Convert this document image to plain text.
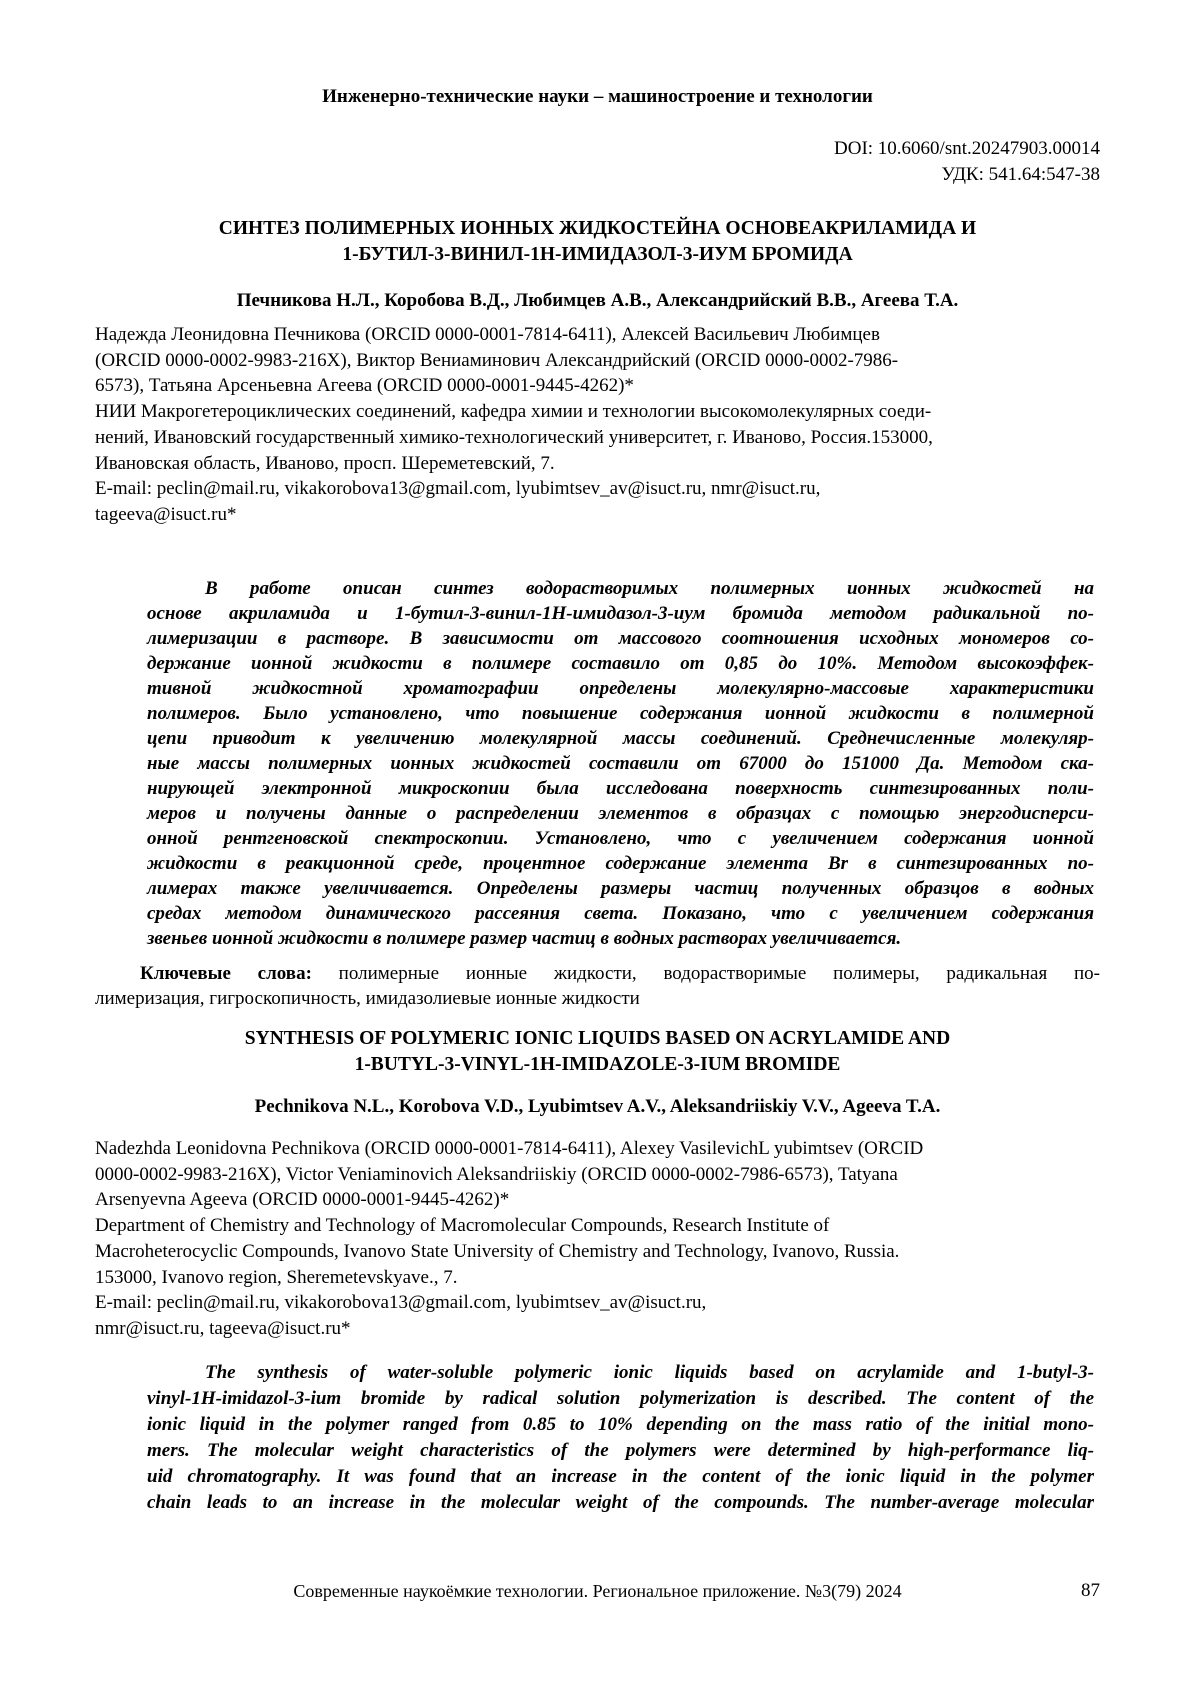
Инженерно-технические науки – машиностроение и технологии
DOI: 10.6060/snt.20247903.00014
УДК: 541.64:547-38
СИНТЕЗ ПОЛИМЕРНЫХ ИОННЫХ ЖИДКОСТЕЙНА ОСНОВЕАКРИЛАМИДА И
1-БУТИЛ-3-ВИНИЛ-1Н-ИМИДАЗОЛ-3-ИУМ БРОМИДА
Печникова Н.Л., Коробова В.Д., Любимцев А.В., Александрийский В.В., Агеева Т.А.
Надежда Леонидовна Печникова (ORCID 0000-0001-7814-6411), Алексей Васильевич Любимцев
(ORCID 0000-0002-9983-216X), Виктор Вениаминович Александрийский (ORCID 0000-0002-7986-
6573), Татьяна Арсеньевна Агеева (ORCID 0000-0001-9445-4262)*
НИИ Макрогетероциклических соединений, кафедра химии и технологии высокомолекулярных соеди-
нений, Ивановский государственный химико-технологический университет, г. Иваново, Россия.153000,
Ивановская область, Иваново, просп. Шереметевский, 7.
E-mail: peclin@mail.ru, vikakorobova13@gmail.com, lyubimtsev_av@isuct.ru, nmr@isuct.ru,
tageeva@isuct.ru*
В работе описан синтез водорастворимых полимерных ионных жидкостей на
основе акриламида и 1-бутил-3-винил-1Н-имидазол-3-иум бромида методом радикальной по-
лимеризации в растворе. В зависимости от массового соотношения исходных мономеров со-
держание ионной жидкости в полимере составило от 0,85 до 10%. Методом высокоэффек-
тивной жидкостной хроматографии определены молекулярно-массовые характеристики
полимеров. Было установлено, что повышение содержания ионной жидкости в полимерной
цепи приводит к увеличению молекулярной массы соединений. Среднечисленные молекуляр-
ные массы полимерных ионных жидкостей составили от 67000 до 151000 Да. Методом ска-
нирующей электронной микроскопии была исследована поверхность синтезированных поли-
меров и получены данные о распределении элементов в образцах с помощью энергодисперси-
онной рентгеновской спектроскопии. Установлено, что с увеличением содержания ионной
жидкости в реакционной среде, процентное содержание элемента Br в синтезированных по-
лимерах также увеличивается. Определены размеры частиц полученных образцов в водных
средах методом динамического рассеяния света. Показано, что с увеличением содержания
звеньев ионной жидкости в полимере размер частиц в водных растворах увеличивается.
Ключевые слова: полимерные ионные жидкости, водорастворимые полимеры, радикальная по-
лимеризация, гигроскопичность, имидазолиевые ионные жидкости
SYNTHESIS OF POLYMERIC IONIC LIQUIDS BASED ON ACRYLAMIDE AND
1-BUTYL-3-VINYL-1H-IMIDAZOLE-3-IUM BROMIDE
Pechnikova N.L., Korobova V.D., Lyubimtsev A.V., Aleksandriiskiy V.V., Ageeva T.A.
Nadezhda Leonidovna Pechnikova (ORCID 0000-0001-7814-6411), Alexey VasilevichL yubimtsev (ORCID
0000-0002-9983-216X), Victor Veniaminovich Aleksandriiskiy (ORCID 0000-0002-7986-6573), Tatyana
Arsenyevna Ageeva (ORCID 0000-0001-9445-4262)*
Department of Chemistry and Technology of Macromolecular Compounds, Research Institute of
Macroheterocyclic Compounds, Ivanovo State University of Chemistry and Technology, Ivanovo, Russia.
153000, Ivanovo region, Sheremetevskyave., 7.
E-mail: peclin@mail.ru, vikakorobova13@gmail.com, lyubimtsev_av@isuct.ru,
nmr@isuct.ru, tageeva@isuct.ru*
The synthesis of water-soluble polymeric ionic liquids based on acrylamide and 1-butyl-3-
vinyl-1H-imidazol-3-ium bromide by radical solution polymerization is described. The content of the
ionic liquid in the polymer ranged from 0.85 to 10% depending on the mass ratio of the initial mono-
mers. The molecular weight characteristics of the polymers were determined by high-performance liq-
uid chromatography. It was found that an increase in the content of the ionic liquid in the polymer
chain leads to an increase in the molecular weight of the compounds. The number-average molecular
Современные наукоёмкие технологии. Региональное приложение. №3(79) 2024	87
